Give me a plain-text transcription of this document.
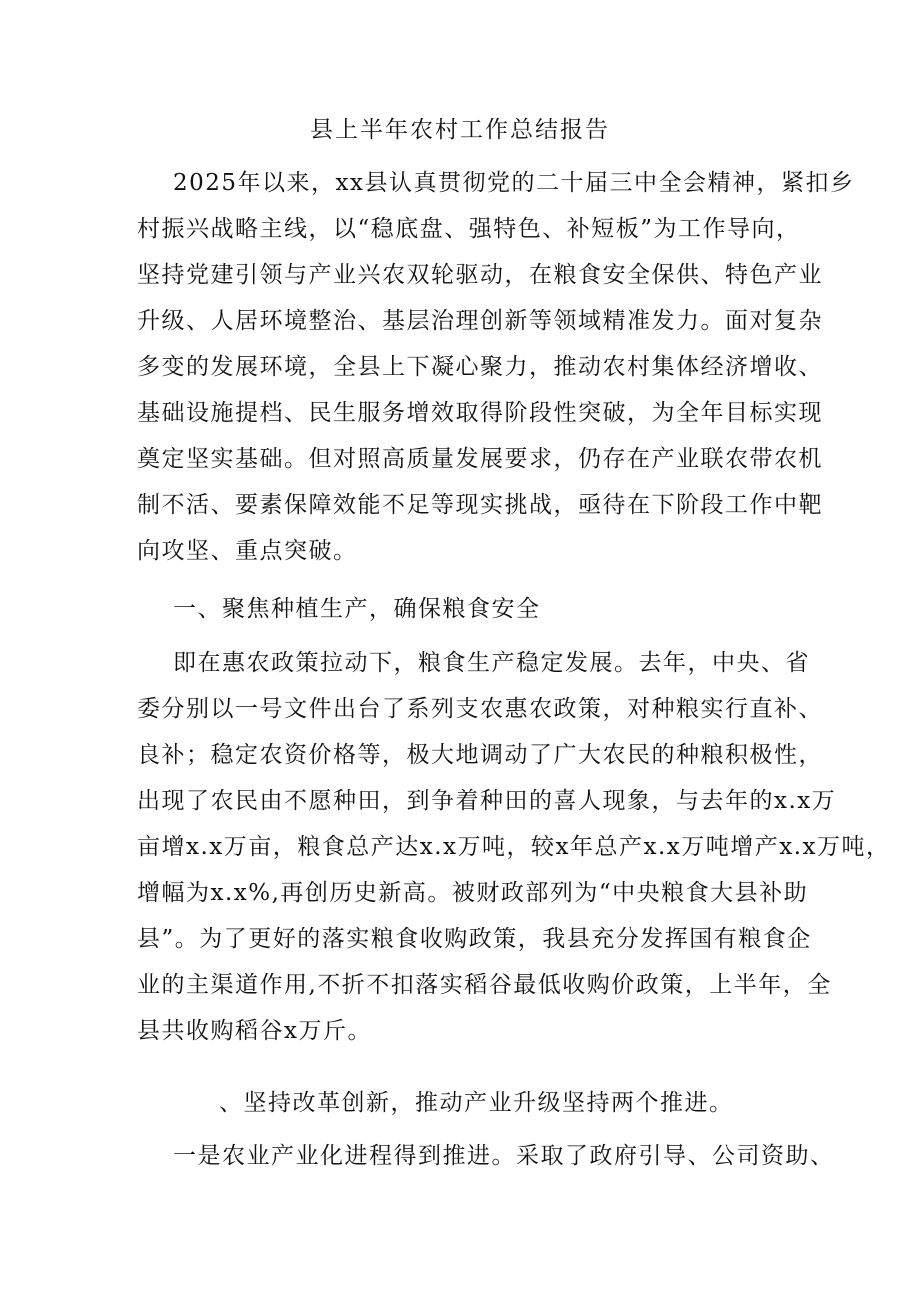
县上半年农村工作总结报告
2025年以来，xx县认真贯彻党的二十届三中全会精神，紧扣乡
村振兴战略主线，以“稳底盘、强特色、补短板”为工作导向，
坚持党建引领与产业兴农双轮驱动，在粮食安全保供、特色产业
升级、人居环境整治、基层治理创新等领域精准发力。面对复杂
多变的发展环境，全县上下凝心聚力，推动农村集体经济增收、
基础设施提档、民生服务增效取得阶段性突破，为全年目标实现
奠定坚实基础。但对照高质量发展要求，仍存在产业联农带农机
制不活、要素保障效能不足等现实挑战，亟待在下阶段工作中靶
向攻坚、重点突破。
一、聚焦种植生产，确保粮食安全
即在惠农政策拉动下，粮食生产稳定发展。去年，中央、省
委分别以一号文件出台了系列支农惠农政策，对种粮实行直补、
良补；稳定农资价格等，极大地调动了广大农民的种粮积极性，
出现了农民由不愿种田，到争着种田的喜人现象，与去年的x.x万
亩增x.x万亩，粮食总产达x.x万吨，较x年总产x.x万吨增产x.x万吨，
增幅为x.x%,再创历史新高。被财政部列为“中央粮食大县补助
县”。为了更好的落实粮食收购政策，我县充分发挥国有粮食企
业的主渠道作用,不折不扣落实稻谷最低收购价政策，上半年，全
县共收购稻谷x万斤。
、坚持改革创新，推动产业升级坚持两个推进。
一是农业产业化进程得到推进。采取了政府引导、公司资助、
